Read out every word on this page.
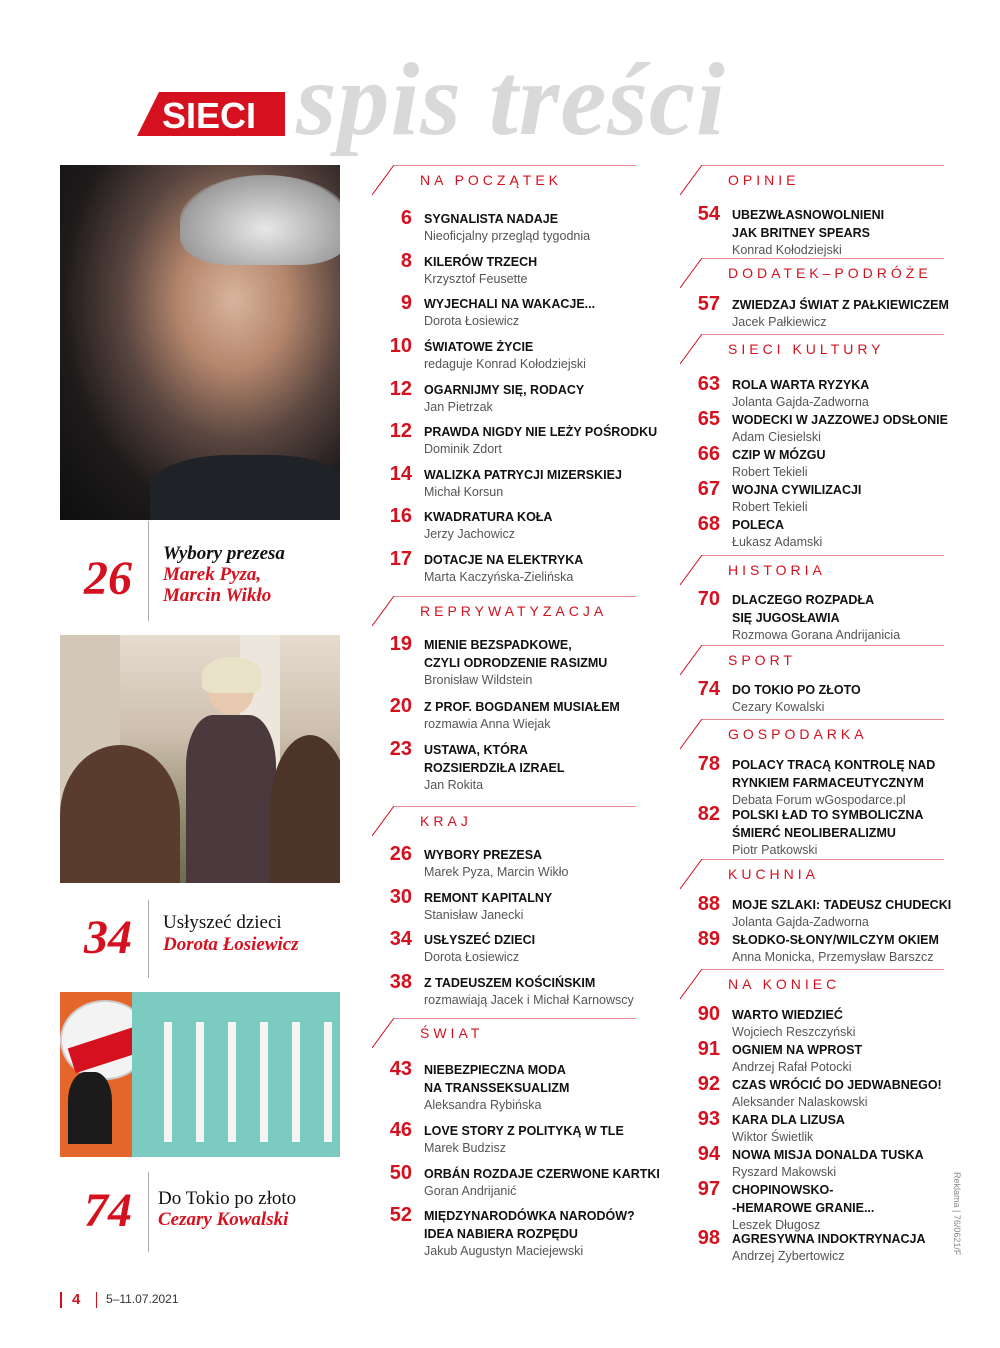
SIECI spis treści
26 Wybory prezesa
Marek Pyza,
Marcin Wikło
34 Usłyszeć dzieci
Dorota Łosiewicz
74 Do Tokio po złoto
Cezary Kowalski
NA POCZĄTEK
6 SYGNALISTA NADAJE
Nieoficjalny przegląd tygodnia
8 KILERÓW TRZECH
Krzysztof Feusette
9 WYJECHALI NA WAKACJE...
Dorota Łosiewicz
10 ŚWIATOWE ŻYCIE
redaguje Konrad Kołodziejski
12 OGARNIJMY SIĘ, RODACY
Jan Pietrzak
12 PRAWDA NIGDY NIE LEŻY POŚRODKU
Dominik Zdort
14 WALIZKA PATRYCJI MIZERSKIEJ
Michał Korsun
16 KWADRATURA KOŁA
Jerzy Jachowicz
17 DOTACJE NA ELEKTRYKA
Marta Kaczyńska-Zielińska
REPRYWATYZACJA
19 MIENIE BEZSPADKOWE,
CZYLI ODRODZENIE RASIZMU
Bronisław Wildstein
20 Z PROF. BOGDANEM MUSIAŁEM
rozmawia Anna Wiejak
23 USTAWA, KTÓRA
ROZSIERDZIŁA IZRAEL
Jan Rokita
KRAJ
26 WYBORY PREZESA
Marek Pyza, Marcin Wikło
30 REMONT KAPITALNY
Stanisław Janecki
34 USŁYSZEĆ DZIECI
Dorota Łosiewicz
38 Z TADEUSZEM KOŚCIŃSKIM
rozmawiają Jacek i Michał Karnowscy
ŚWIAT
43 NIEBEZPIECZNA MODA
NA TRANSSEKSUALIZM
Aleksandra Rybińska
46 LOVE STORY Z POLITYKĄ W TLE
Marek Budzisz
50 ORBÁN ROZDAJE CZERWONE KARTKI
Goran Andrijanić
52 MIĘDZYNARODÓWKA NARODÓW?
IDEA NABIERA ROZPĘDU
Jakub Augustyn Maciejewski
OPINIE
54 UBEZWŁASNOWOLNIENI
JAK BRITNEY SPEARS
Konrad Kołodziejski
DODATEK–PODRÓŻE
57 ZWIEDZAJ ŚWIAT Z PAŁKIEWICZEM
Jacek Pałkiewicz
SIECI KULTURY
63 ROLA WARTA RYZYKA
Jolanta Gajda-Zadworna
65 WODECKI W JAZZOWEJ ODSŁONIE
Adam Ciesielski
66 CZIP W MÓZGU
Robert Tekieli
67 WOJNA CYWILIZACJI
Robert Tekieli
68 POLECA
Łukasz Adamski
HISTORIA
70 DLACZEGO ROZPADŁA
SIĘ JUGOSŁAWIA
Rozmowa Gorana Andrijanicia
SPORT
74 DO TOKIO PO ZŁOTO
Cezary Kowalski
GOSPODARKA
78 POLACY TRACĄ KONTROLĘ NAD
RYNKIEM FARMACEUTYCZNYM
Debata Forum wGospodarce.pl
82 POLSKI ŁAD TO SYMBOLICZNA
ŚMIERĆ NEOLIBERALIZMU
Piotr Patkowski
KUCHNIA
88 MOJE SZLAKI: TADEUSZ CHUDECKI
Jolanta Gajda-Zadworna
89 SŁODKO-SŁONY/WILCZYM OKIEM
Anna Monicka, Przemysław Barszcz
NA KONIEC
90 WARTO WIEDZIEĆ
Wojciech Reszczyński
91 OGNIEM NA WPROST
Andrzej Rafał Potocki
92 CZAS WRÓCIĆ DO JEDWABNEGO!
Aleksander Nalaskowski
93 KARA DLA LIZUSA
Wiktor Świetlik
94 NOWA MISJA DONALDA TUSKA
Ryszard Makowski
97 CHOPINOWSKO-
-HEMAROWE GRANIE...
Leszek Długosz
98 AGRESYWNA INDOKTRYNACJA
Andrzej Zybertowicz
4 5–11.07.2021
Reklama | 76/0621/F
